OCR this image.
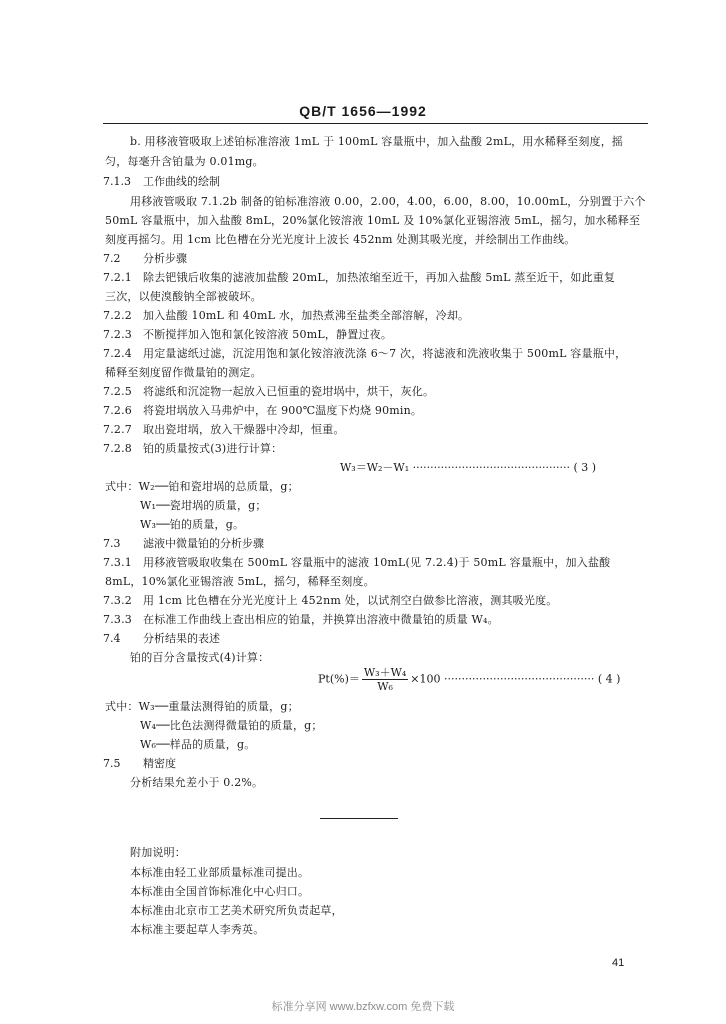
QB/T 1656—1992
b. 用移液管吸取上述铂标准溶液 1mL 于 100mL 容量瓶中，加入盐酸 2mL，用水稀释至刻度，摇
匀，每毫升含铂量为 0.01mg。
7.1.3 工作曲线的绘制
用移液管吸取 7.1.2b 制备的铂标准溶液 0.00，2.00，4.00，6.00，8.00，10.00mL，分别置于六个
50mL 容量瓶中，加入盐酸 8mL，20%氯化铵溶液 10mL 及 10%氯化亚锡溶液 5mL，摇匀，加水稀释至
刻度再摇匀。用 1cm 比色槽在分光光度计上波长 452nm 处测其吸光度，并绘制出工作曲线。
7.2 分析步骤
7.2.1 除去钯锇后收集的滤液加盐酸 20mL，加热浓缩至近干，再加入盐酸 5mL 蒸至近干，如此重复
三次，以使溴酸钠全部被破坏。
7.2.2 加入盐酸 10mL 和 40mL 水，加热煮沸至盐类全部溶解，冷却。
7.2.3 不断搅拌加入饱和氯化铵溶液 50mL，静置过夜。
7.2.4 用定量滤纸过滤，沉淀用饱和氯化铵溶液洗涤 6～7 次，将滤液和洗液收集于 500mL 容量瓶中，
稀释至刻度留作微量铂的测定。
7.2.5 将滤纸和沉淀物一起放入已恒重的瓷坩埚中，烘干，灰化。
7.2.6 将瓷坩埚放入马弗炉中，在 900℃温度下灼烧 90min。
7.2.7 取出瓷坩埚，放入干燥器中冷却，恒重。
7.2.8 铂的质量按式(3)进行计算：
W₃＝W₂－W₁ ············································· ( 3 )
式中：W₂──铂和瓷坩埚的总质量，g；
W₁──瓷坩埚的质量，g；
W₃──铂的质量，g。
7.3 滤液中微量铂的分析步骤
7.3.1 用移液管吸取收集在 500mL 容量瓶中的滤液 10mL(见 7.2.4)于 50mL 容量瓶中，加入盐酸
8mL，10%氯化亚锡溶液 5mL，摇匀，稀释至刻度。
7.3.2 用 1cm 比色槽在分光光度计上 452nm 处，以试剂空白做参比溶液，测其吸光度。
7.3.3 在标准工作曲线上查出相应的铂量，并换算出溶液中微量铂的质量 W₄。
7.4 分析结果的表述
铂的百分含量按式(4)计算：
$Pt(\%)= \frac{\text{W₃＋W₄}}{\text{W₆}} \times 100$ ··········································· ( 4 )
式中：W₃──重量法测得铂的质量，g；
W₄──比色法测得微量铂的质量，g；
W₆──样品的质量，g。
7.5 精密度
分析结果允差小于 0.2%。
附加说明：
本标准由轻工业部质量标准司提出。
本标准由全国首饰标准化中心归口。
本标准由北京市工艺美术研究所负责起草，
本标准主要起草人李秀英。
41
标准分享网 www.bzfxw.com 免费下载
